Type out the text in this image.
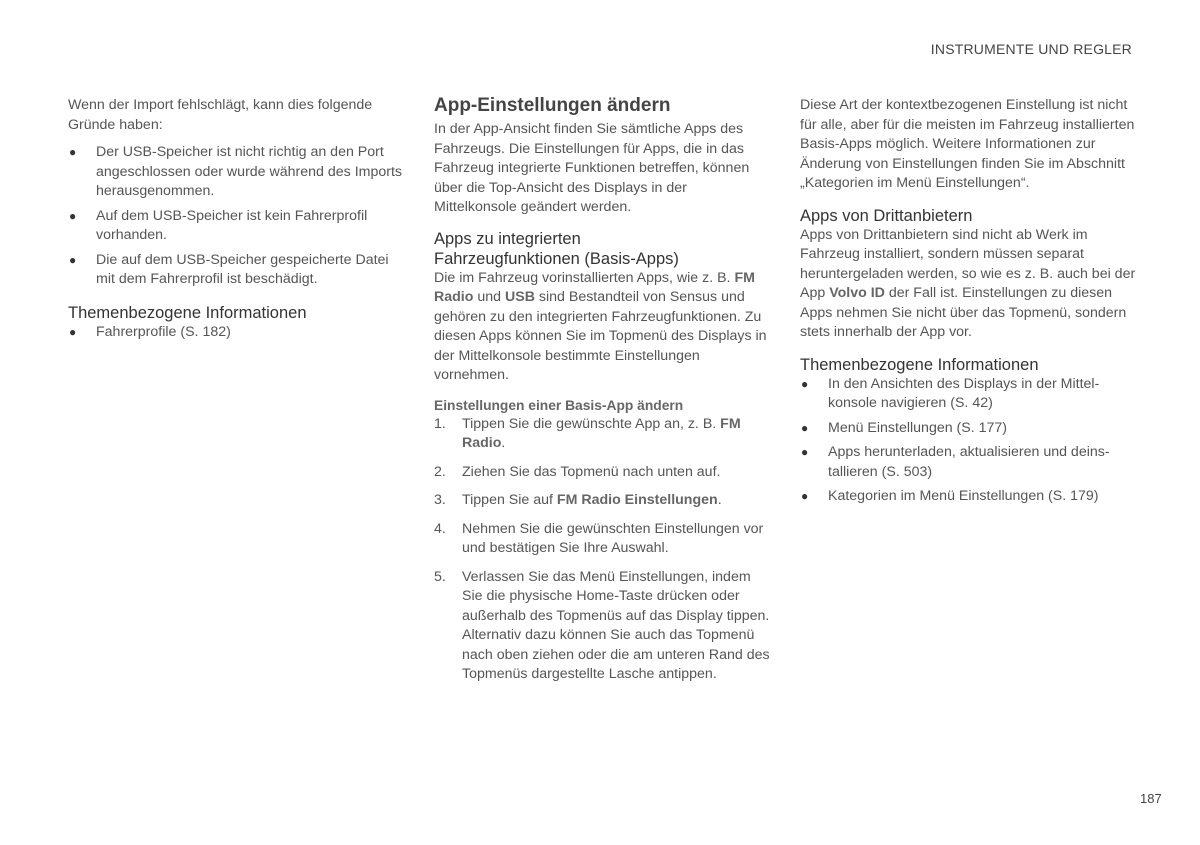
INSTRUMENTE UND REGLER

Wenn der Import fehlschlägt, kann dies folgende Gründe haben:

● Der USB-Speicher ist nicht richtig an den Port angeschlossen oder wurde während des Imports herausgenommen.
● Auf dem USB-Speicher ist kein Fahrerprofil vorhanden.
● Die auf dem USB-Speicher gespeicherte Datei mit dem Fahrerprofil ist beschädigt.
Themenbezogene Informationen
● Fahrerprofile (S. 182)
App-Einstellungen ändern

In der App-Ansicht finden Sie sämtliche Apps des Fahrzeugs. Die Einstellungen für Apps, die in das Fahrzeug integrierte Funktionen betreffen, können über die Top-Ansicht des Displays in der Mittelkonsole geändert werden.

Apps zu integrierten
Fahrzeugfunktionen (Basis-Apps)

Die im Fahrzeug vorinstallierten Apps, wie z. B. FM Radio und USB sind Bestandteil von Sensus und gehören zu den integrierten Fahrzeugfunktionen. Zu diesen Apps können Sie im Topmenü des Displays in der Mittelkonsole bestimmte Einstellungen vornehmen.

Einstellungen einer Basis-App ändern
1. Tippen Sie die gewünschte App an, z. B. FM Radio.
2. Ziehen Sie das Topmenü nach unten auf.
3. Tippen Sie auf FM Radio Einstellungen.
4. Nehmen Sie die gewünschten Einstellungen vor und bestätigen Sie Ihre Auswahl.
5. Verlassen Sie das Menü Einstellungen, indem Sie die physische Home-Taste drücken oder außerhalb des Topmenüs auf das Display tippen. Alternativ dazu können Sie auch das Topmenü nach oben ziehen oder die am unteren Rand des Topmenüs dargestellte Lasche antippen.

Diese Art der kontextbezogenen Einstellung ist nicht für alle, aber für die meisten im Fahrzeug installierten Basis-Apps möglich. Weitere Informationen zur Änderung von Einstellungen finden Sie im Abschnitt „Kategorien im Menü Einstellungen“.

Apps von Drittanbietern

Apps von Drittanbietern sind nicht ab Werk im Fahrzeug installiert, sondern müssen separat heruntergeladen werden, so wie es z. B. auch bei der App Volvo ID der Fall ist. Einstellungen zu diesen Apps nehmen Sie nicht über das Topmenü, sondern stets innerhalb der App vor.

Themenbezogene Informationen
● In den Ansichten des Displays in der Mittelkonsole navigieren (S. 42)
● Menü Einstellungen (S. 177)
● Apps herunterladen, aktualisieren und deinstallieren (S. 503)
● Kategorien im Menü Einstellungen (S. 179)
187
